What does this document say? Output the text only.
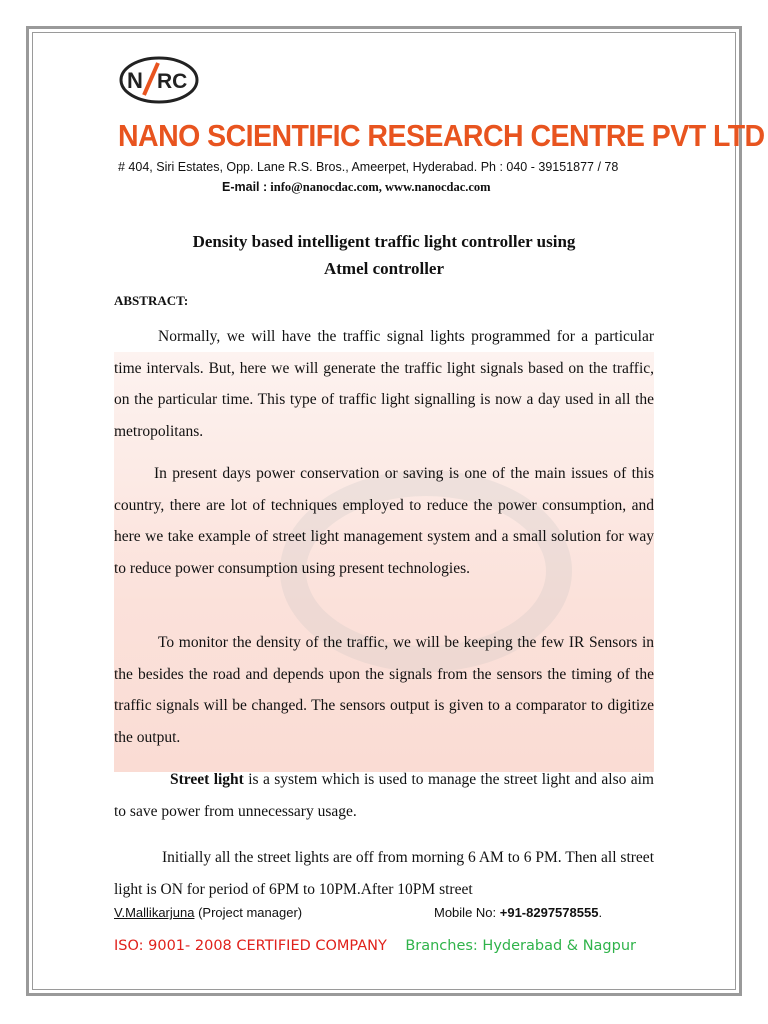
N RC
NANO SCIENTIFIC RESEARCH CENTRE PVT LTD
# 404, Siri Estates, Opp. Lane R.S. Bros., Ameerpet, Hyderabad. Ph : 040 - 39151877 / 78
E-mail : info@nanocdac.com, www.nanocdac.com
Density based intelligent traffic light controller using
Atmel controller
ABSTRACT:
Normally, we will have the traffic signal lights programmed for a particular time intervals. But, here we will generate the traffic light signals based on the traffic, on the particular time. This type of traffic light signalling is now a day used in all the metropolitans.
In present days power conservation or saving is one of the main issues of this country, there are lot of techniques employed to reduce the power consumption, and here we take example of street light management system and a small solution for way to reduce power consumption using present technologies.
To monitor the density of the traffic, we will be keeping the few IR Sensors in the besides the road and depends upon the signals from the sensors the timing of the traffic signals will be changed. The sensors output is given to a comparator to digitize the output.
Street light is a system which is used to manage the street light and also aim to save power from unnecessary usage.
Initially all the street lights are off from morning 6 AM to 6 PM. Then all street light is ON for period of 6PM to 10PM.After 10PM street
V.Mallikarjuna (Project manager)	Mobile No: +91-8297578555.
ISO: 9001- 2008 CERTIFIED COMPANY Branches: Hyderabad & Nagpur
